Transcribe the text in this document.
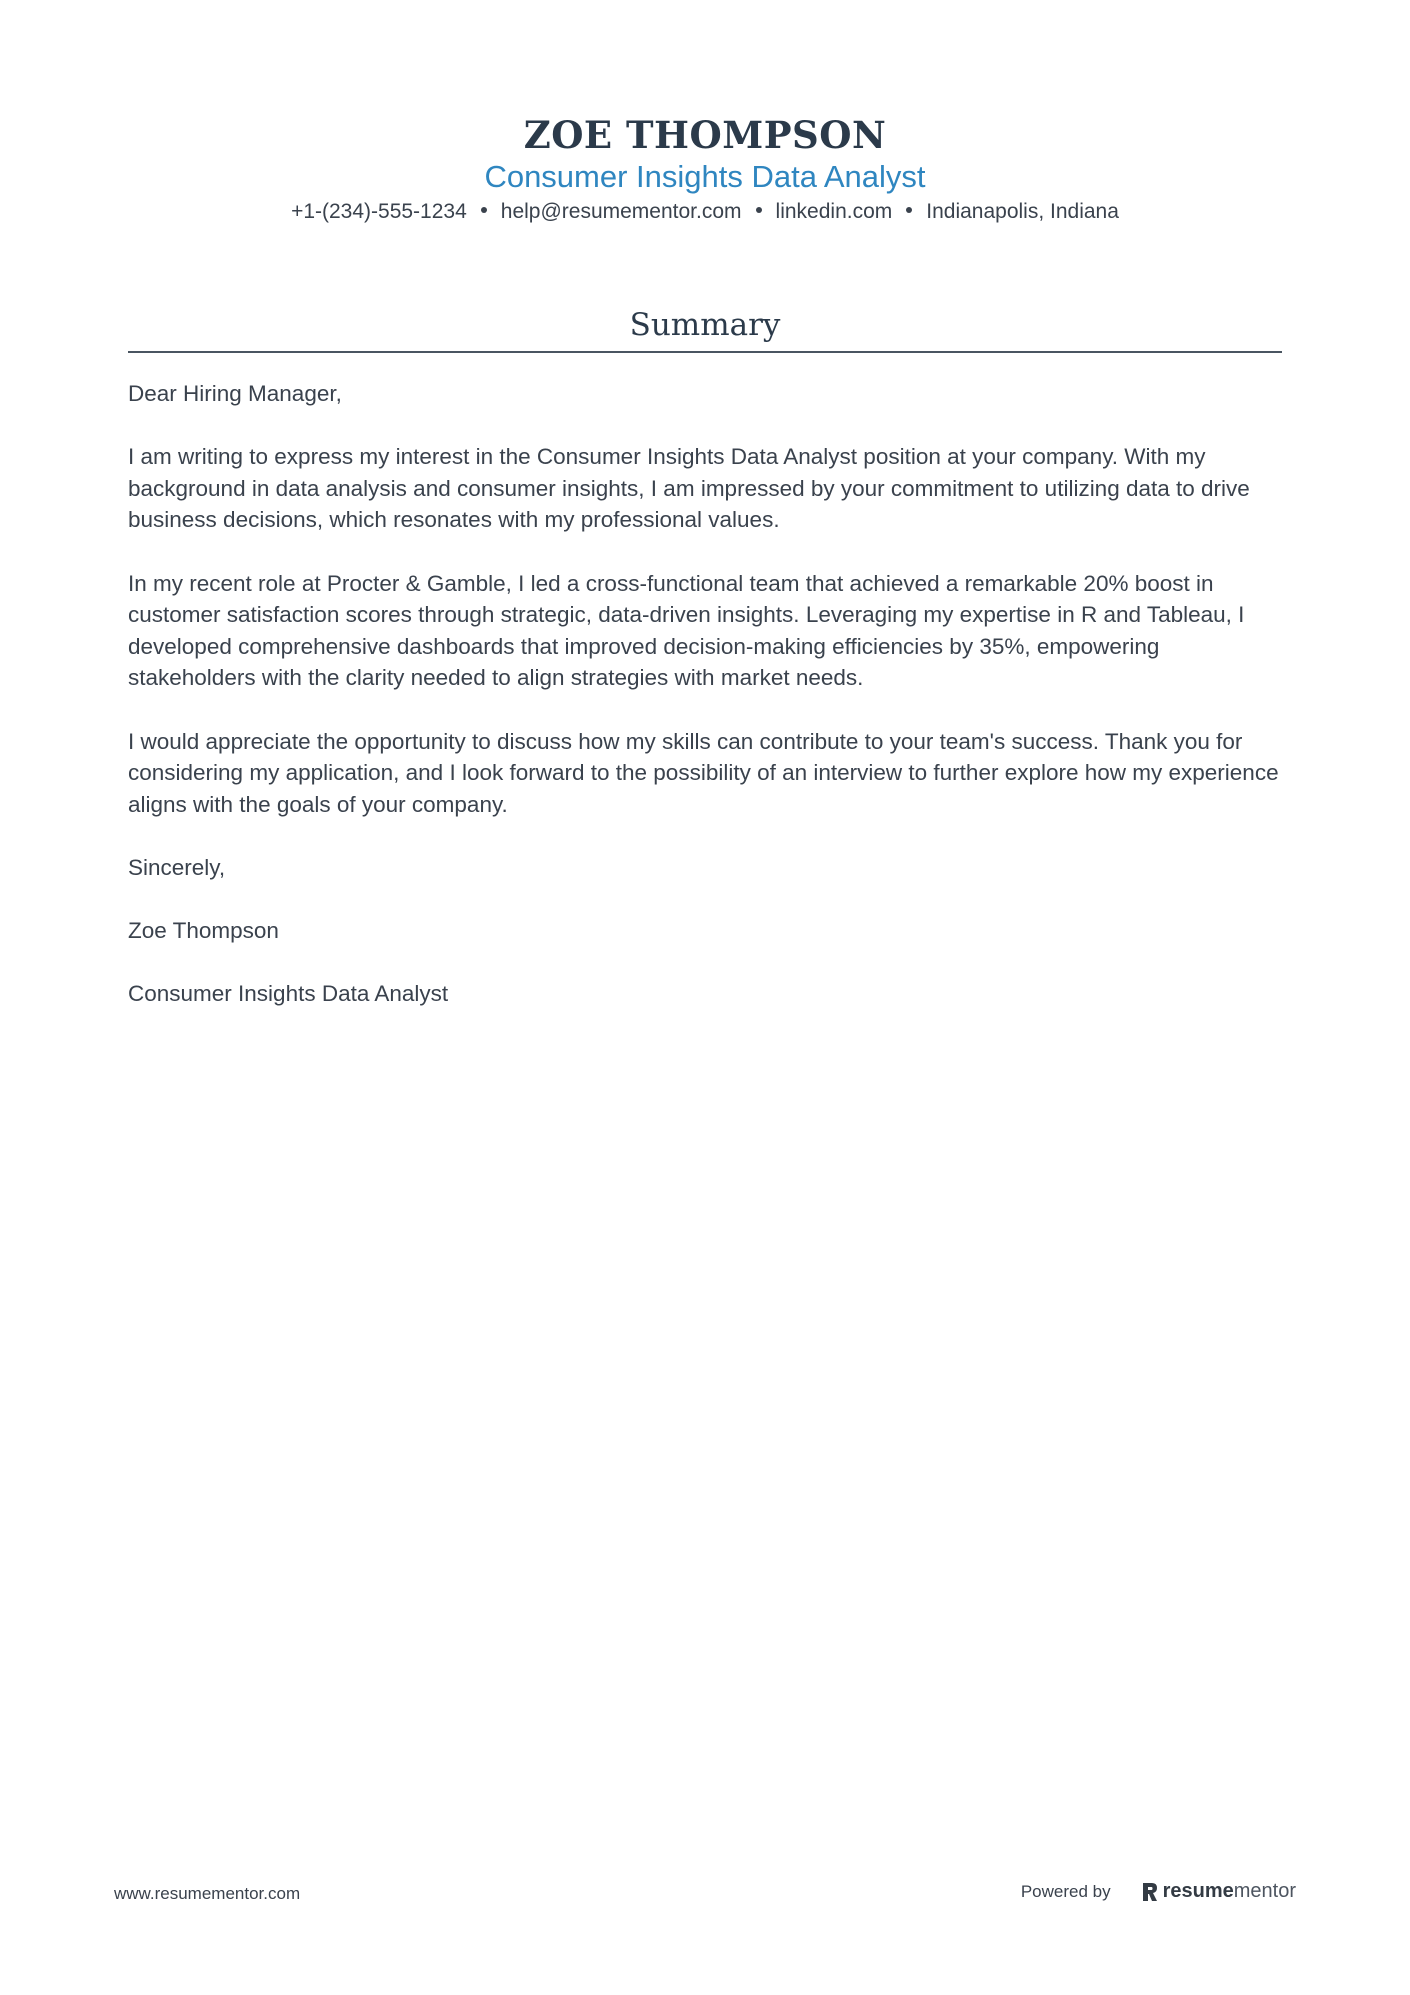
ZOE THOMPSON
Consumer Insights Data Analyst
+1-(234)-555-1234 help@resumementor.com linkedin.com Indianapolis, Indiana
Summary

Dear Hiring Manager,

I am writing to express my interest in the Consumer Insights Data Analyst position at your company. With my background in data analysis and consumer insights, I am impressed by your commitment to utilizing data to drive business decisions, which resonates with my professional values.

In my recent role at Procter & Gamble, I led a cross-functional team that achieved a remarkable 20% boost in customer satisfaction scores through strategic, data-driven insights. Leveraging my expertise in R and Tableau, I developed comprehensive dashboards that improved decision-making efficiencies by 35%, empowering stakeholders with the clarity needed to align strategies with market needs.

I would appreciate the opportunity to discuss how my skills can contribute to your team's success. Thank you for considering my application, and I look forward to the possibility of an interview to further explore how my experience aligns with the goals of your company.

Sincerely,

Zoe Thompson

Consumer Insights Data Analyst

www.resumementor.com	Powered by	resume mentor
